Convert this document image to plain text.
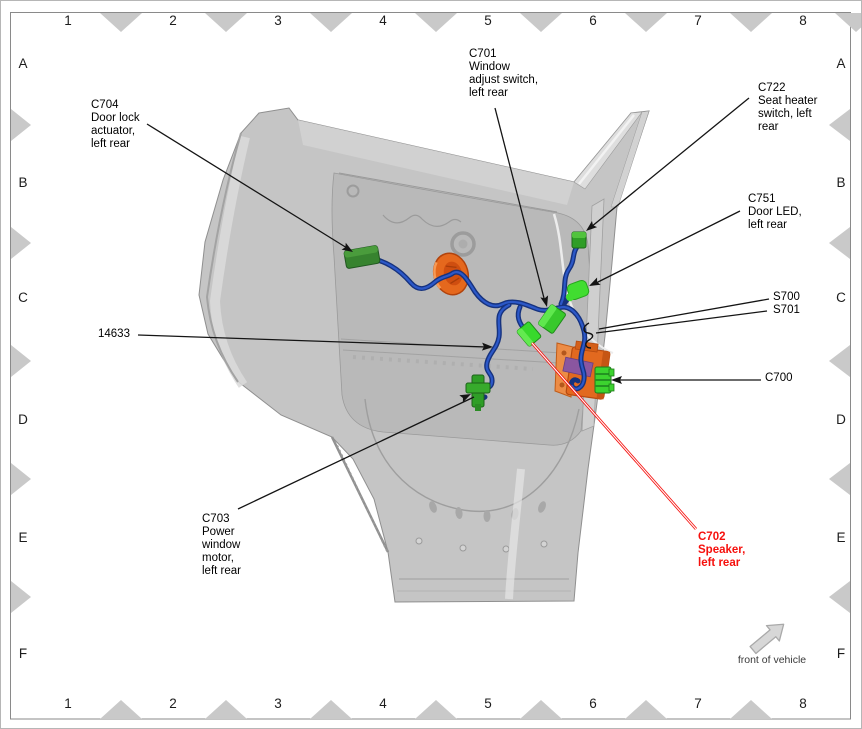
1	2	3	4	5	6	7	8
1	2	3	4	5	6	7	8
A
B
C
D
E
F
A
B
C
D
E
F
C704
Door lock
actuator,
left rear
C701
Window
adjust switch,
left rear	C722
Seat heater
switch, left
rear
C751
Door LED,
left rear
S700
S701
C700
14633
C703
Power
window
motor,
left rear
C702
Speaker,
left rear
front of vehicle
